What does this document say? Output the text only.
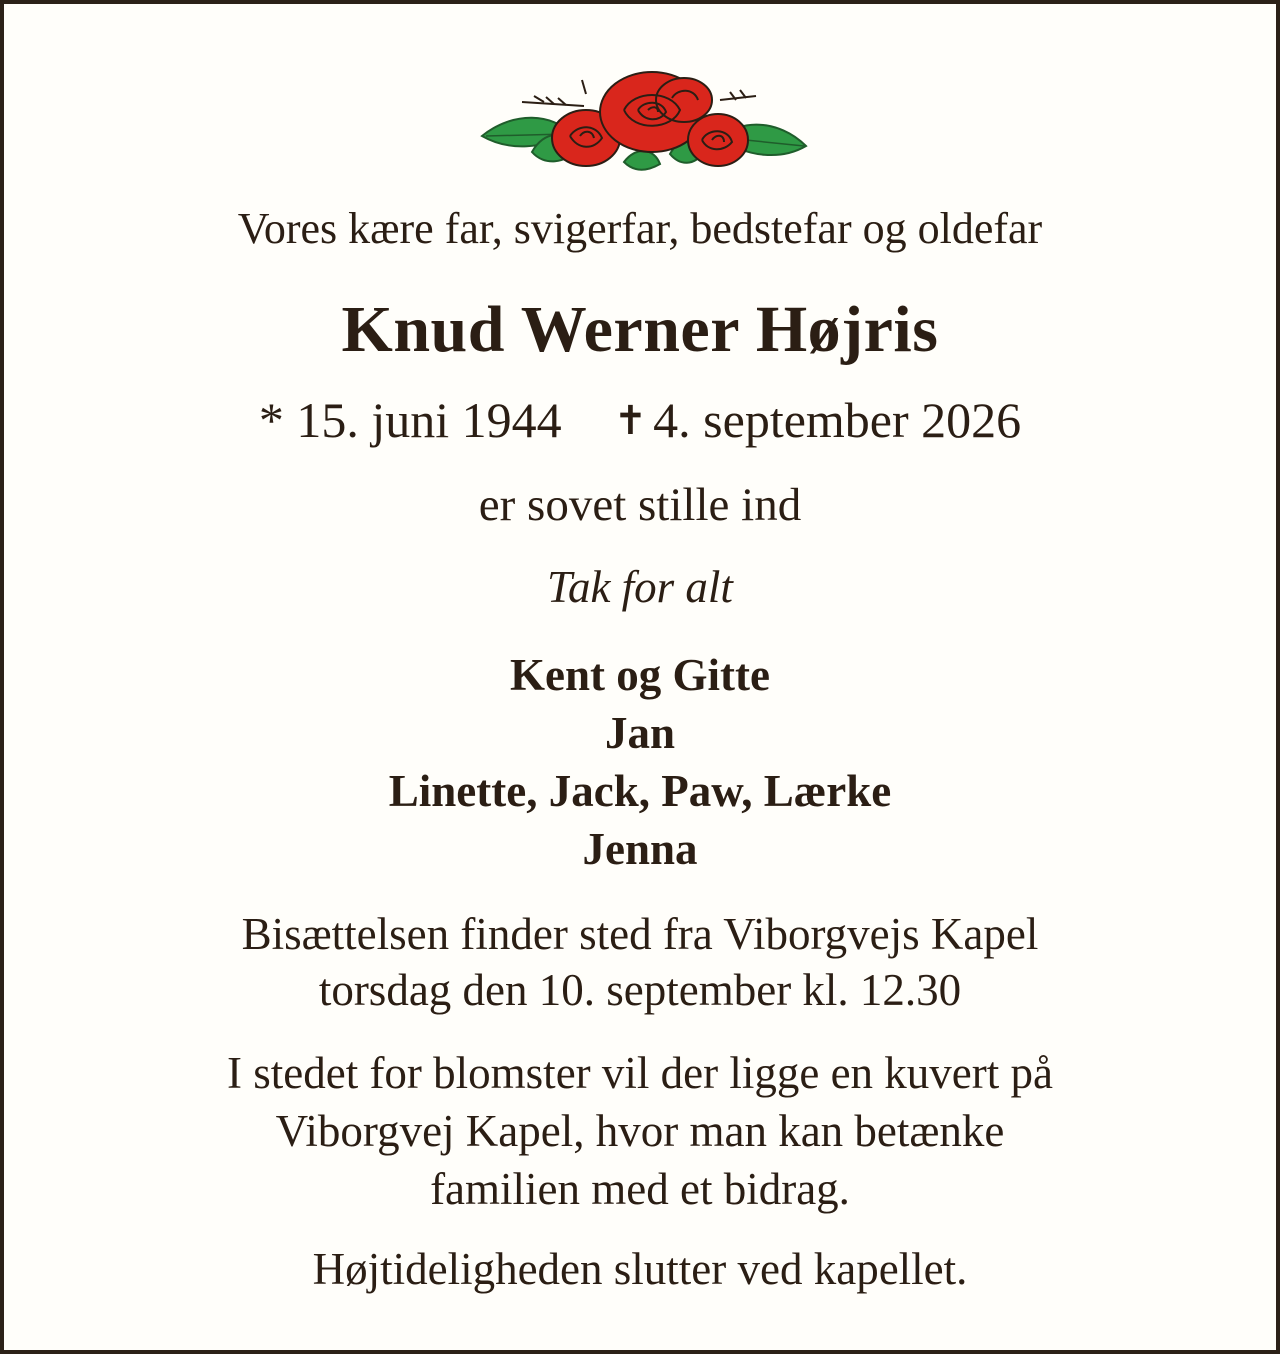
Vores kære far, svigerfar, bedstefar og oldefar

Knud Werner Højris

* 15. juni 1944 ✝ 4. september 2026

er sovet stille ind

Tak for alt

Kent og Gitte
Jan
Linette, Jack, Paw, Lærke
Jenna
Bisættelsen finder sted fra Viborgvejs Kapel
torsdag den 10. september kl. 12.30
I stedet for blomster vil der ligge en kuvert på
Viborgvej Kapel, hvor man kan betænke
familien med et bidrag.

Højtideligheden slutter ved kapellet.
